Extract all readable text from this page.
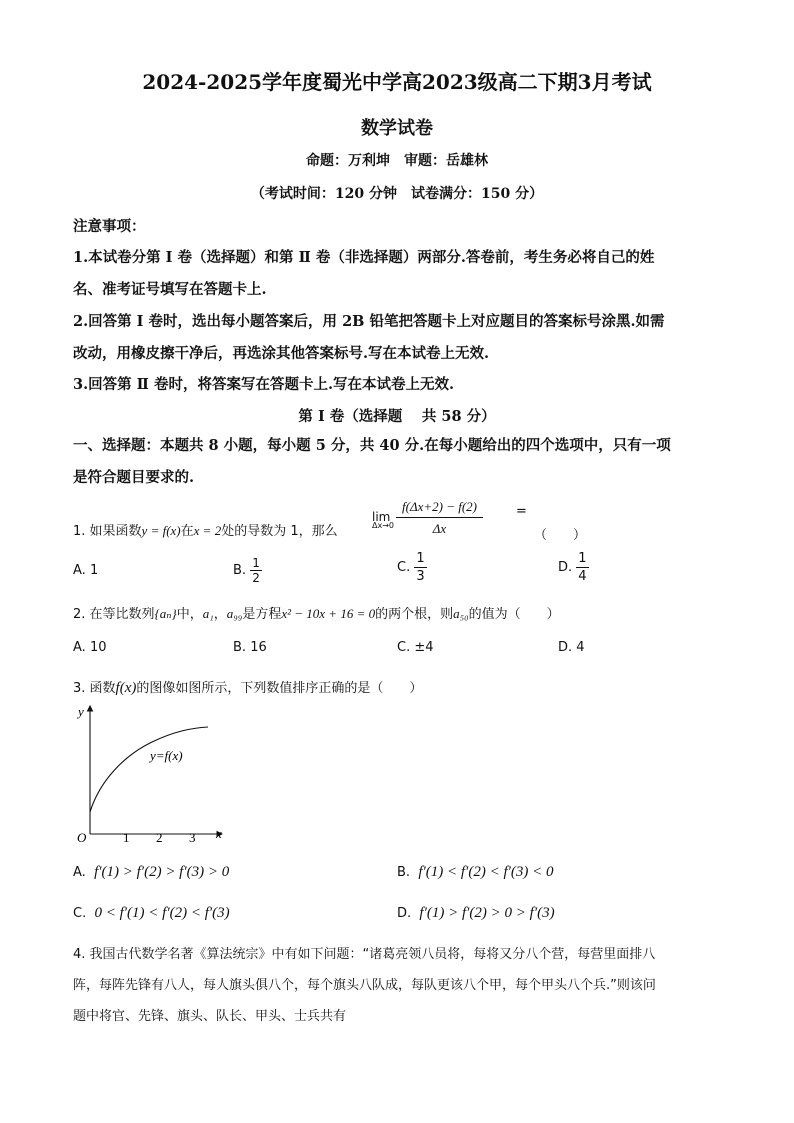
2024-2025学年度蜀光中学高2023级高二下期3月考试
数学试卷
命题：万利坤　审题：岳雄林
（考试时间：120 分钟　试卷满分：150 分）
注意事项：
1.本试卷分第 Ⅰ 卷（选择题）和第 Ⅱ 卷（非选择题）两部分.答卷前，考生务必将自己的姓
名、准考证号填写在答题卡上.
2.回答第 Ⅰ 卷时，选出每小题答案后，用 2B 铅笔把答题卡上对应题目的答案标号涂黑.如需
改动，用橡皮擦干净后，再选涂其他答案标号.写在本试卷上无效.
3.回答第 Ⅱ 卷时，将答案写在答题卡上.写在本试卷上无效.
第 Ⅰ 卷（选择题　 共 58 分）
一、选择题：本题共 8 小题，每小题 5 分，共 40 分.在每小题给出的四个选项中，只有一项
是符合题目要求的.
1. 如果函数y = f(x)在x = 2处的导数为 1，那么
lim
$\Delta x\to 0 \frac{f(\Delta x+2) - f(2)}{\Delta x}$	=
（　　）
A. 1	B. $\frac{1}{2}$	C. $\frac{1}{3}$	D. $\frac{1}{4}$
2. 在等比数列{aₙ}中，a₁，a₉₉是方程x² − 10x + 16 = 0的两个根，则a₅₀的值为（　　）
A. 10	B. 16	C. ±4	D. 4
3. 函数f(x)的图像如图所示，下列数值排序正确的是（　　）
y
x
O	1 2 3
y=f(x)
A. f′(1) > f′(2) > f′(3) > 0	B. f′(1) < f′(2) < f′(3) < 0
C. 0 < f′(1) < f′(2) < f′(3)	D. f′(1) > f′(2) > 0 > f′(3)
4. 我国古代数学名著《算法统宗》中有如下问题：“诸葛亮领八员将，每将又分八个营，每营里面排八
阵，每阵先锋有八人，每人旗头俱八个，每个旗头八队成，每队更该八个甲，每个甲头八个兵.”则该问
题中将官、先锋、旗头、队长、甲头、士兵共有
